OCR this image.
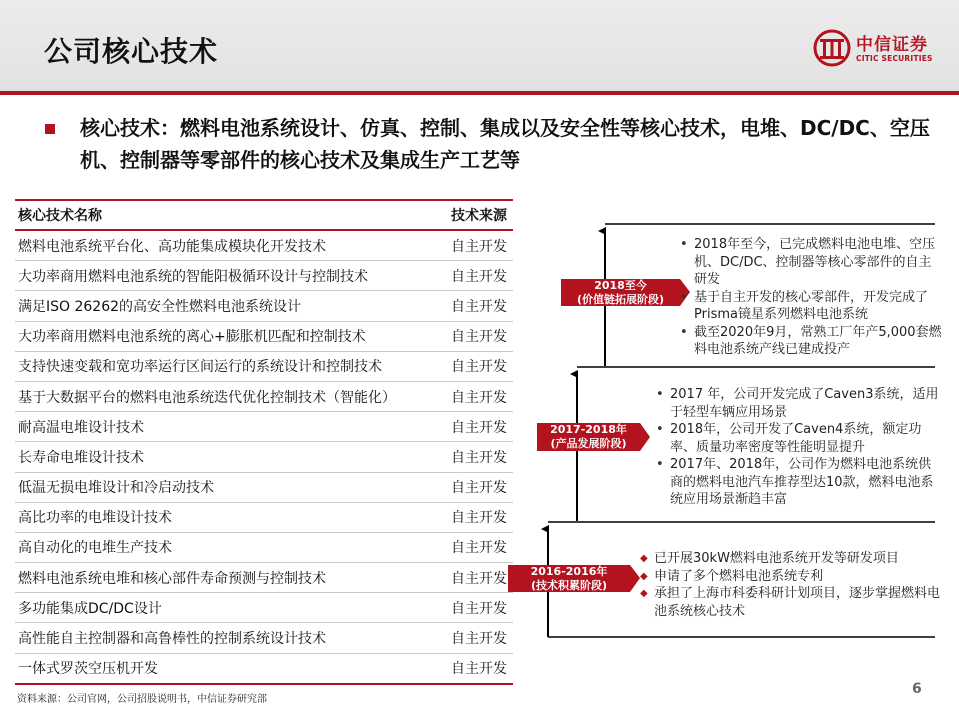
公司核心技术	中信证券
CITIC SECURITIES
核心技术：燃料电池系统设计、仿真、控制、集成以及安全性等核心技术，电堆、DC/DC、空压机、控制器等零部件的核心技术及集成生产工艺等
核心技术名称	技术来源
燃料电池系统平台化、高功能集成模块化开发技术	自主开发
大功率商用燃料电池系统的智能阳极循环设计与控制技术	自主开发
满足ISO 26262的高安全性燃料电池系统设计	自主开发
大功率商用燃料电池系统的离心+膨胀机匹配和控制技术	自主开发
支持快速变载和宽功率运行区间运行的系统设计和控制技术	自主开发
基于大数据平台的燃料电池系统迭代优化控制技术（智能化）	自主开发
耐高温电堆设计技术	自主开发
长寿命电堆设计技术	自主开发
低温无损电堆设计和冷启动技术	自主开发
高比功率的电堆设计技术	自主开发
高自动化的电堆生产技术	自主开发
燃料电池系统电堆和核心部件寿命预测与控制技术	自主开发
多功能集成DC/DC设计	自主开发
高性能自主控制器和高鲁棒性的控制系统设计技术	自主开发
一体式罗茨空压机开发	自主开发
2016-2016年
(技术积累阶段)
2017-2018年
(产品发展阶段)
2018至今
(价值链拓展阶段)
• 2018年至今，已完成燃料电池电堆、空压机、DC/DC、控制器等核心零部件的自主研发
• 基于自主开发的核心零部件，开发完成了Prisma镜星系列燃料电池系统
• 截至2020年9月，常熟工厂年产5,000套燃料电池系统产线已建成投产
• 2017 年，公司开发完成了Caven3系统，适用于轻型车辆应用场景
• 2018年，公司开发了Caven4系统，额定功率、质量功率密度等性能明显提升
• 2017年、2018年，公司作为燃料电池系统供商的燃料电池汽车推荐型达10款，燃料电池系统应用场景渐趋丰富
◆ 已开展30kW燃料电池系统开发等研发项目
◆ 申请了多个燃料电池系统专利
◆ 承担了上海市科委科研计划项目，逐步掌握燃料电池系统核心技术
资料来源：公司官网，公司招股说明书，中信证券研究部
6
